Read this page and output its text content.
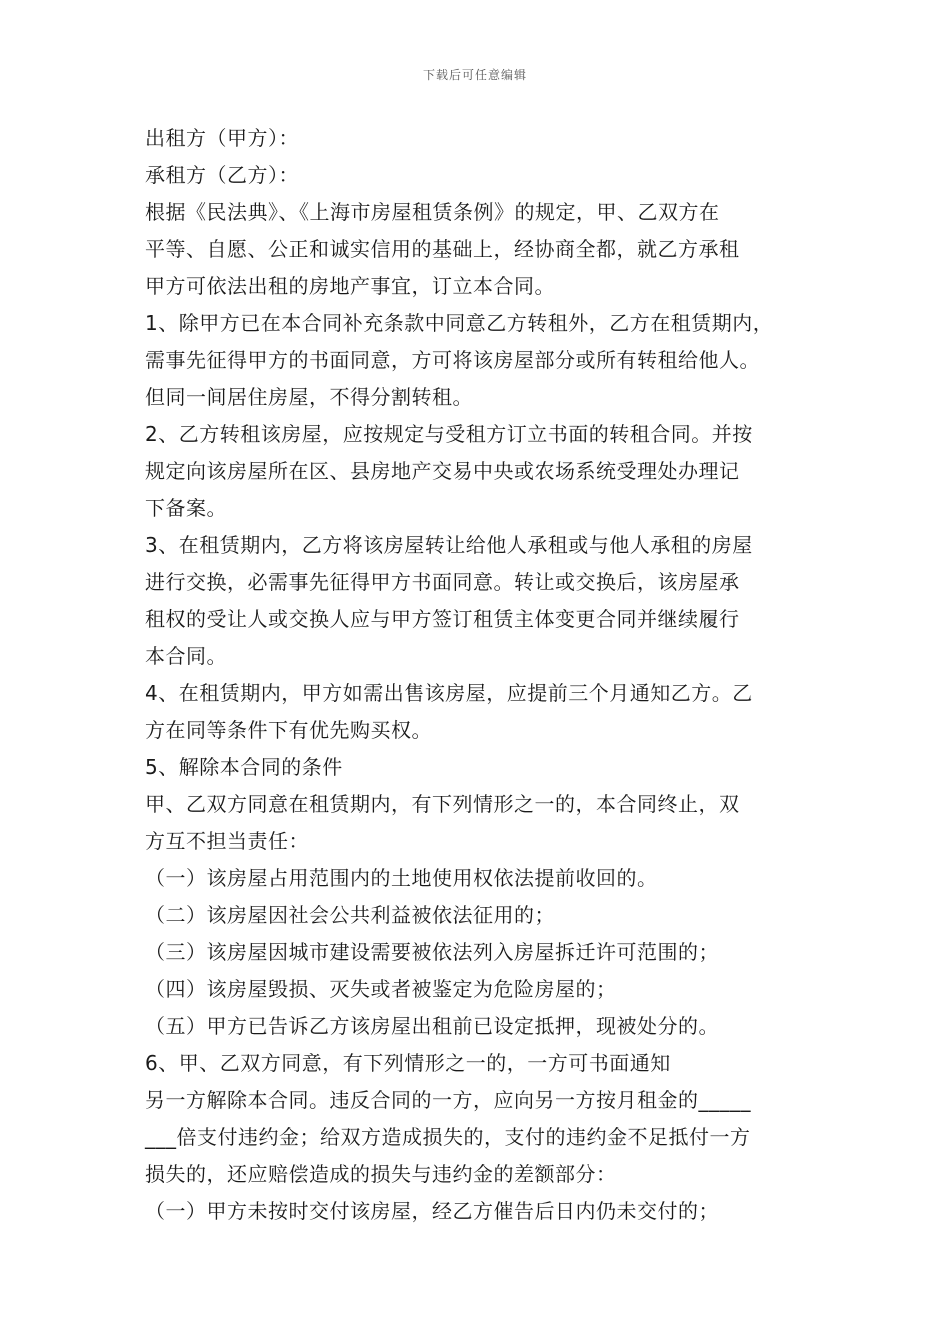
下载后可任意编辑
出租方（甲方）：
承租方（乙方）：
根据《民法典》、《上海市房屋租赁条例》的规定，甲、乙双方在
平等、自愿、公正和诚实信用的基础上，经协商全都，就乙方承租
甲方可依法出租的房地产事宜，订立本合同。
1、除甲方已在本合同补充条款中同意乙方转租外，乙方在租赁期内，
需事先征得甲方的书面同意，方可将该房屋部分或所有转租给他人。
但同一间居住房屋，不得分割转租。
2、乙方转租该房屋，应按规定与受租方订立书面的转租合同。并按
规定向该房屋所在区、县房地产交易中央或农场系统受理处办理记
下备案。
3、在租赁期内，乙方将该房屋转让给他人承租或与他人承租的房屋
进行交换，必需事先征得甲方书面同意。转让或交换后，该房屋承
租权的受让人或交换人应与甲方签订租赁主体变更合同并继续履行
本合同。
4、在租赁期内，甲方如需出售该房屋，应提前三个月通知乙方。乙
方在同等条件下有优先购买权。
5、解除本合同的条件
甲、乙双方同意在租赁期内，有下列情形之一的，本合同终止，双
方互不担当责任：
（一）该房屋占用范围内的土地使用权依法提前收回的。
（二）该房屋因社会公共利益被依法征用的；
（三）该房屋因城市建设需要被依法列入房屋拆迁许可范围的；
（四）该房屋毁损、灭失或者被鉴定为危险房屋的；
（五）甲方已告诉乙方该房屋出租前已设定抵押，现被处分的。
6、甲、乙双方同意，有下列情形之一的，一方可书面通知
另一方解除本合同。违反合同的一方，应向另一方按月租金的_____
___倍支付违约金；给双方造成损失的，支付的违约金不足抵付一方
损失的，还应赔偿造成的损失与违约金的差额部分：
（一）甲方未按时交付该房屋，经乙方催告后日内仍未交付的；
